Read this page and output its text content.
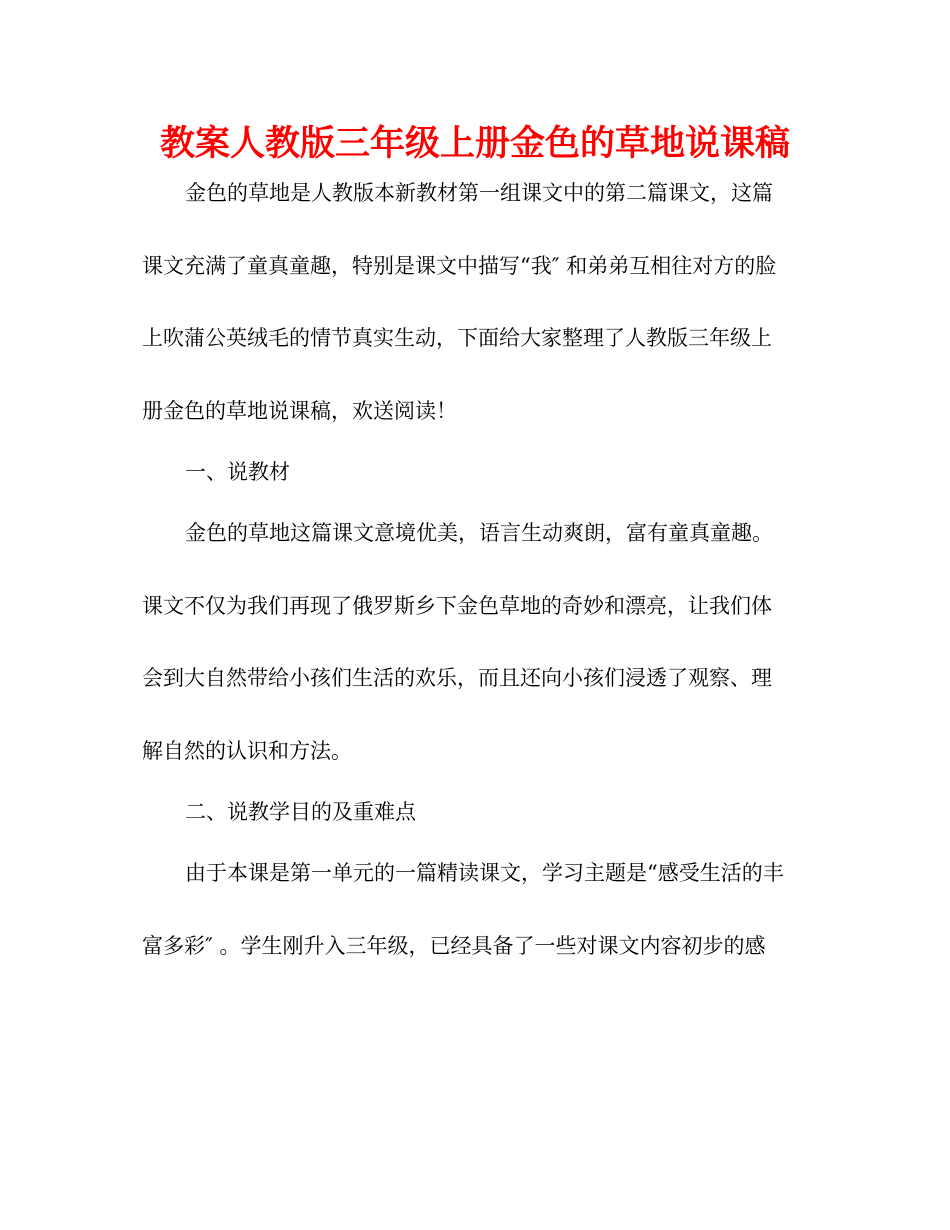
教案人教版三年级上册金色的草地说课稿
金色的草地是人教版本新教材第一组课文中的第二篇课文，这篇
课文充满了童真童趣，特别是课文中描写“我″ 和弟弟互相往对方的脸
上吹蒲公英绒毛的情节真实生动，下面给大家整理了人教版三年级上
册金色的草地说课稿，欢送阅读！
一、说教材
金色的草地这篇课文意境优美，语言生动爽朗，富有童真童趣。
课文不仅为我们再现了俄罗斯乡下金色草地的奇妙和漂亮，让我们体
会到大自然带给小孩们生活的欢乐，而且还向小孩们浸透了观察、理
解自然的认识和方法。
二、说教学目的及重难点
由于本课是第一单元的一篇精读课文，学习主题是“感受生活的丰
富多彩″ 。学生刚升入三年级，已经具备了一些对课文内容初步的感
